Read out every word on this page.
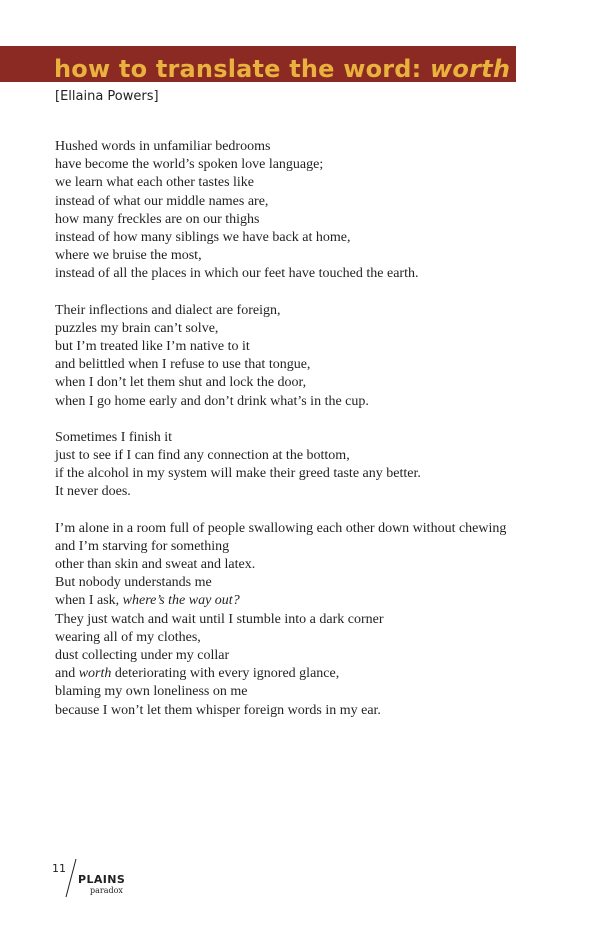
how to translate the word: worth
[Ellaina Powers]

Hushed words in unfamiliar bedrooms
have become the world’s spoken love language;
we learn what each other tastes like
instead of what our middle names are,
how many freckles are on our thighs
instead of how many siblings we have back at home,
where we bruise the most,
instead of all the places in which our feet have touched the earth.

Their inflections and dialect are foreign,
puzzles my brain can’t solve,
but I’m treated like I’m native to it
and belittled when I refuse to use that tongue,
when I don’t let them shut and lock the door,
when I go home early and don’t drink what’s in the cup.

Sometimes I finish it
just to see if I can find any connection at the bottom,
if the alcohol in my system will make their greed taste any better.
It never does.

I’m alone in a room full of people swallowing each other down without chewing
and I’m starving for something
other than skin and sweat and latex.
But nobody understands me
when I ask, where’s the way out?
They just watch and wait until I stumble into a dark corner
wearing all of my clothes,
dust collecting under my collar
and worth deteriorating with every ignored glance,
blaming my own loneliness on me
because I won’t let them whisper foreign words in my ear.

11
PLAINS
paradox
